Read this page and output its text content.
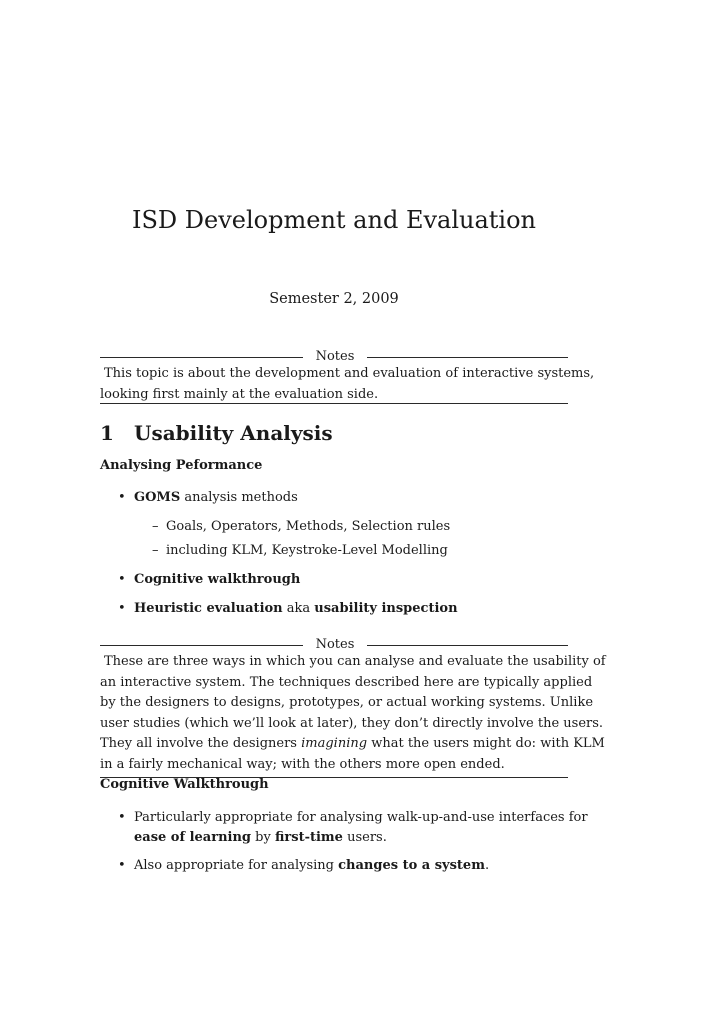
ISD Development and Evaluation
Semester 2, 2009
Notes
This topic is about the development and evaluation of interactive systems,
looking first mainly at the evaluation side.
1 Usability Analysis
Analysing Peformance
• GOMS analysis methods
– Goals, Operators, Methods, Selection rules
– including KLM, Keystroke-Level Modelling
• Cognitive walkthrough
• Heuristic evaluation aka usability inspection
Notes
These are three ways in which you can analyse and evaluate the usability of
an interactive system. The techniques described here are typically applied
by the designers to designs, prototypes, or actual working systems. Unlike
user studies (which we’ll look at later), they don’t directly involve the users.
They all involve the designers imagining what the users might do: with KLM
in a fairly mechanical way; with the others more open ended.
Cognitive Walkthrough
• Particularly appropriate for analysing walk-up-and-use interfaces for
ease of learning by first-time users.
• Also appropriate for analysing changes to a system.
